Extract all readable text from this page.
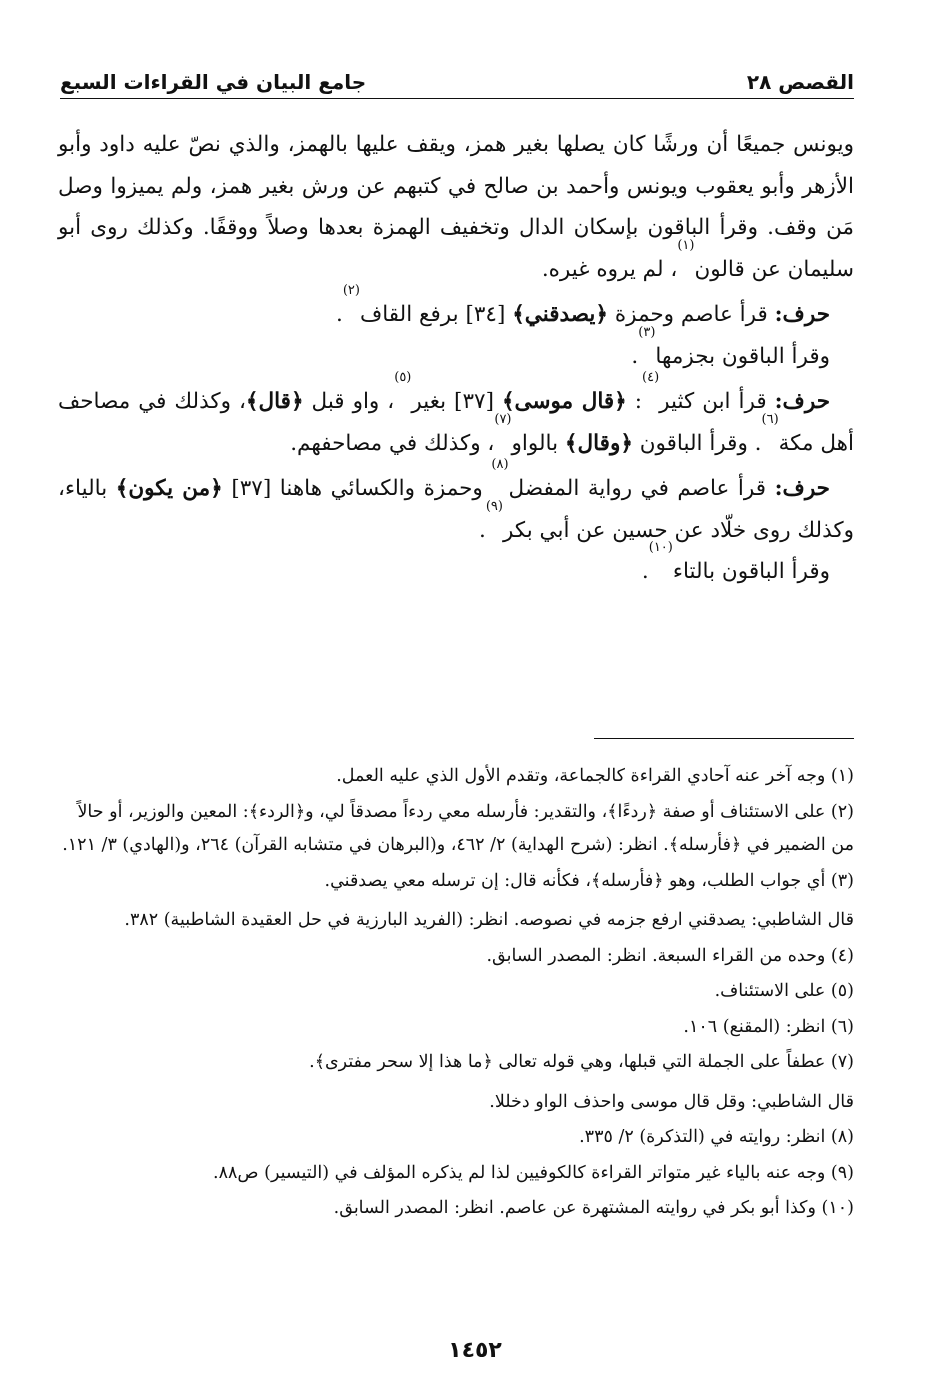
القصص ٢٨
جامع البيان في القراءات السبع

ويونس جميعًا أن ورشًا كان يصلها بغير همز، ويقف عليها بالهمز، والذي نصّ عليه داود وأبو الأزهر وأبو يعقوب ويونس وأحمد بن صالح في كتبهم عن ورش بغير همز، ولم يميزوا وصل مَن وقف. وقرأ الباقون بإسكان الدال وتخفيف الهمزة بعدها وصلاً ووقفًا. وكذلك روى أبو سليمان عن قالون$^{(١)}$، لم يروه غيره.

حرف: قرأ عاصم وحمزة ﴿يصدقني﴾ [٣٤] برفع القاف$^{(٢)}$.

وقرأ الباقون بجزمها$^{(٣)}$.

حرف: قرأ ابن كثير$^{(٤)}$: ﴿قال موسى﴾ [٣٧] بغير$^{(٥)}$، واو قبل ﴿قال﴾، وكذلك في مصاحف أهل مكة$^{(٦)}$. وقرأ الباقون ﴿وقال﴾ بالواو$^{(٧)}$، وكذلك في مصاحفهم.

حرف: قرأ عاصم في رواية المفضل$^{(٨)}$ وحمزة والكسائي هاهنا [٣٧] ﴿من يكون﴾ بالياء، وكذلك روى خلّاد عن حسين عن أبي بكر$^{(٩)}$.

وقرأ الباقون بالتاء$^{(١٠)}$.

(١) وجه آخر عنه آحادي القراءة كالجماعة، وتقدم الأول الذي عليه العمل.

(٢) على الاستئناف أو صفة ﴿ردءًا﴾، والتقدير: فأرسله معي ردءاً مصدقاً لي، و﴿الردء﴾: المعين والوزير، أو حالاً من الضمير في ﴿فأرسله﴾. انظر: (شرح الهداية) ٢/ ٤٦٢، و(البرهان في متشابه القرآن) ٢٦٤، و(الهادي) ٣/ ١٢١.

(٣) أي جواب الطلب، وهو ﴿فأرسله﴾، فكأنه قال: إن ترسله معي يصدقني.

قال الشاطبي: يصدقني ارفع جزمه في نصوصه. انظر: (الفريد البارزية في حل العقيدة الشاطبية) ٣٨٢.

(٤) وحده من القراء السبعة. انظر: المصدر السابق.

(٥) على الاستئناف.

(٦) انظر: (المقنع) ١٠٦.

(٧) عطفاً على الجملة التي قبلها، وهي قوله تعالى ﴿ما هذا إلا سحر مفترى﴾.

قال الشاطبي: وقل قال موسى واحذف الواو دخللا.

(٨) انظر: روايته في (التذكرة) ٢/ ٣٣٥.

(٩) وجه عنه بالياء غير متواتر القراءة كالكوفيين لذا لم يذكره المؤلف في (التيسير) ص٨٨.

(١٠) وكذا أبو بكر في روايته المشتهرة عن عاصم. انظر: المصدر السابق.

١٤٥٢
